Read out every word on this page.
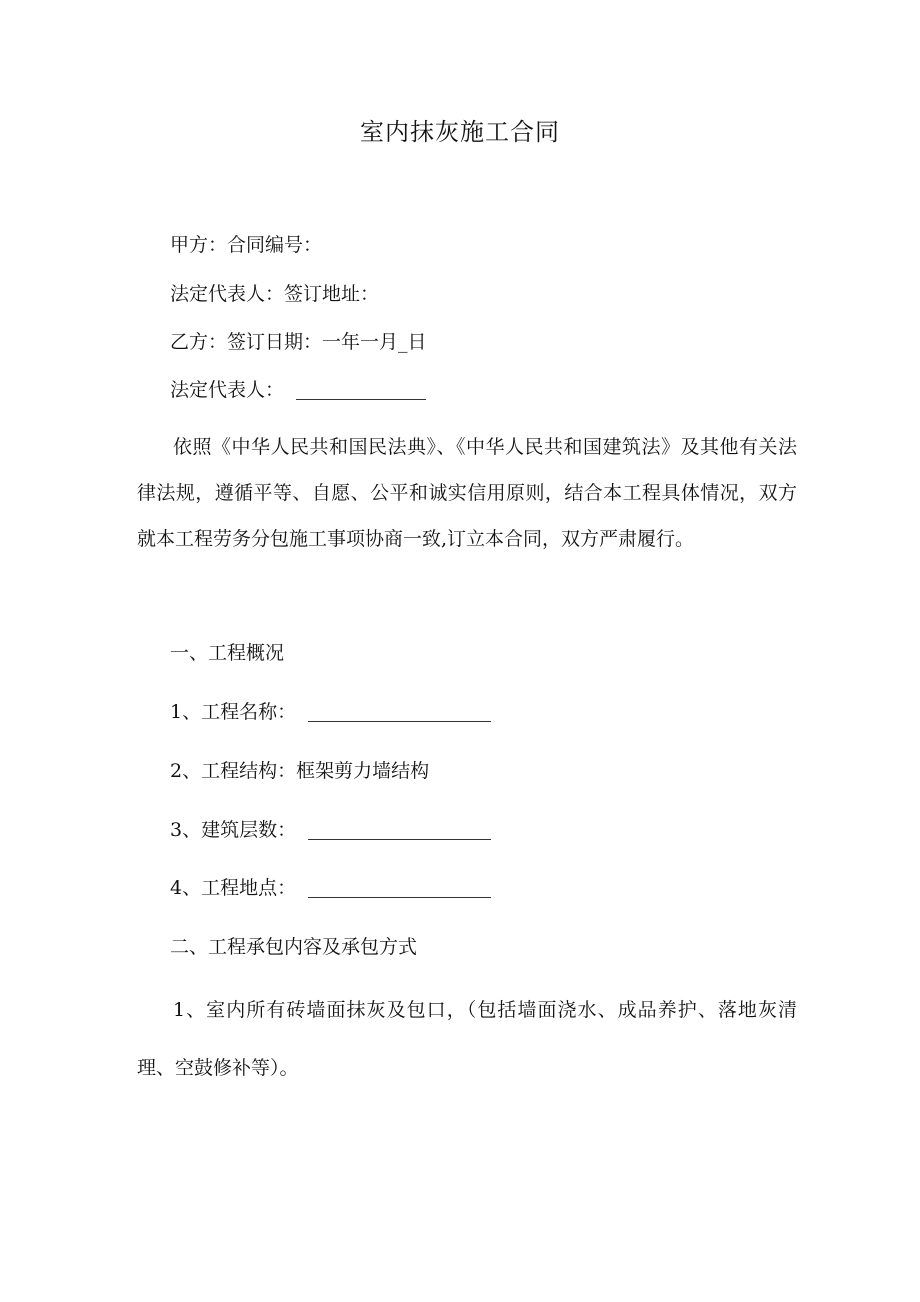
室内抹灰施工合同
甲方：合同编号：
法定代表人：签订地址：
乙方：签订日期：一年一月_日
法定代表人：

依照《中华人民共和国民法典》、《中华人民共和国建筑法》及其他有关法律法规，遵循平等、自愿、公平和诚实信用原则，结合本工程具体情况，双方就本工程劳务分包施工事项协商一致,订立本合同，双方严肃履行。

一、工程概况
1、工程名称：
2、工程结构：框架剪力墙结构
3、建筑层数：
4、工程地点：
二、工程承包内容及承包方式

1、室内所有砖墙面抹灰及包口，（包括墙面浇水、成品养护、落地灰清理、空鼓修补等）。
